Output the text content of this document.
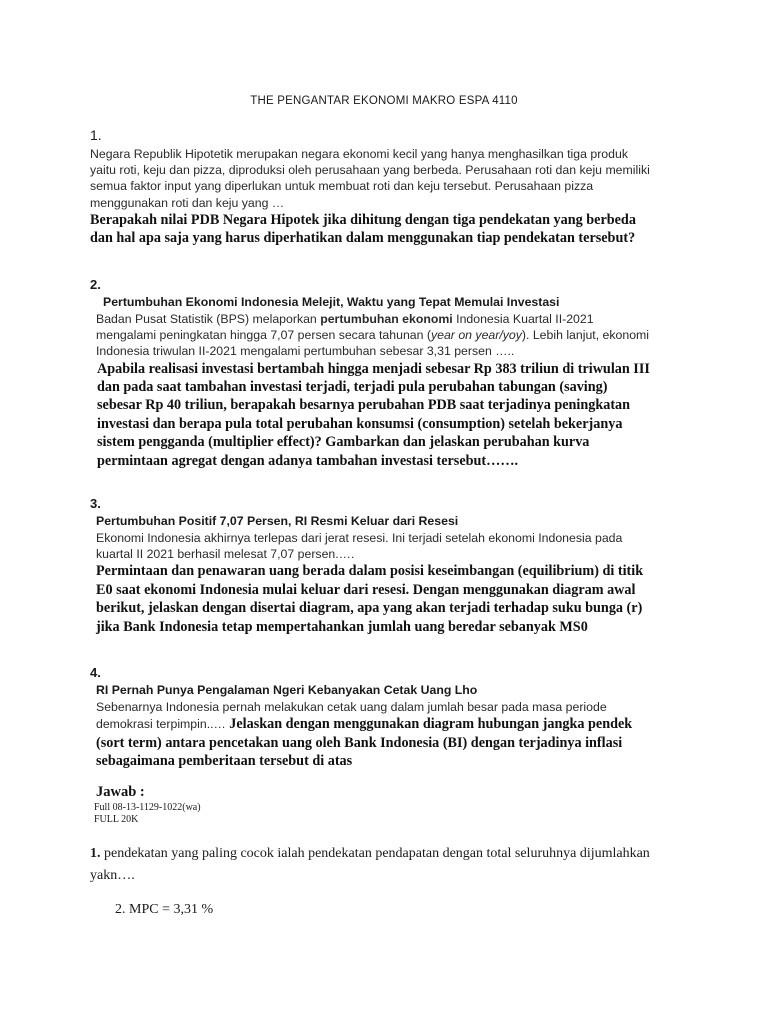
THE PENGANTAR EKONOMI MAKRO ESPA 4110
1.
Negara Republik Hipotetik merupakan negara ekonomi kecil yang hanya menghasilkan tiga produk yaitu roti, keju dan pizza, diproduksi oleh perusahaan yang berbeda. Perusahaan roti dan keju memiliki semua faktor input yang diperlukan untuk membuat roti dan keju tersebut. Perusahaan pizza menggunakan roti dan keju yang …
Berapakah nilai PDB Negara Hipotek jika dihitung dengan tiga pendekatan yang berbeda dan hal apa saja yang harus diperhatikan dalam menggunakan tiap pendekatan tersebut?
2.
Pertumbuhan Ekonomi Indonesia Melejit, Waktu yang Tepat Memulai Investasi
Badan Pusat Statistik (BPS) melaporkan pertumbuhan ekonomi Indonesia Kuartal II-2021 mengalami peningkatan hingga 7,07 persen secara tahunan (year on year/yoy). Lebih lanjut, ekonomi Indonesia triwulan II-2021 mengalami pertumbuhan sebesar 3,31 persen …..
Apabila realisasi investasi bertambah hingga menjadi sebesar Rp 383 triliun di triwulan III dan pada saat tambahan investasi terjadi, terjadi pula perubahan tabungan (saving) sebesar Rp 40 triliun, berapakah besarnya perubahan PDB saat terjadinya peningkatan investasi dan berapa pula total perubahan konsumsi (consumption) setelah bekerjanya sistem pengganda (multiplier effect)? Gambarkan dan jelaskan perubahan kurva permintaan agregat dengan adanya tambahan investasi tersebut…….
3.
Pertumbuhan Positif 7,07 Persen, RI Resmi Keluar dari Resesi
Ekonomi Indonesia akhirnya terlepas dari jerat resesi. Ini terjadi setelah ekonomi Indonesia pada kuartal II 2021 berhasil melesat 7,07 persen.….
Permintaan dan penawaran uang berada dalam posisi keseimbangan (equilibrium) di titik E0 saat ekonomi Indonesia mulai keluar dari resesi. Dengan menggunakan diagram awal berikut, jelaskan dengan disertai diagram, apa yang akan terjadi terhadap suku bunga (r) jika Bank Indonesia tetap mempertahankan jumlah uang beredar sebanyak MS0
4.
RI Pernah Punya Pengalaman Ngeri Kebanyakan Cetak Uang Lho
Sebenarnya Indonesia pernah melakukan cetak uang dalam jumlah besar pada masa periode demokrasi terpimpin..… Jelaskan dengan menggunakan diagram hubungan jangka pendek (sort term) antara pencetakan uang oleh Bank Indonesia (BI) dengan terjadinya inflasi sebagaimana pemberitaan tersebut di atas
Jawab :
Full 08-13-1129-1022(wa)
FULL 20K
1. pendekatan yang paling cocok ialah pendekatan pendapatan dengan total seluruhnya dijumlahkan yakn….
2. MPC = 3,31 %
